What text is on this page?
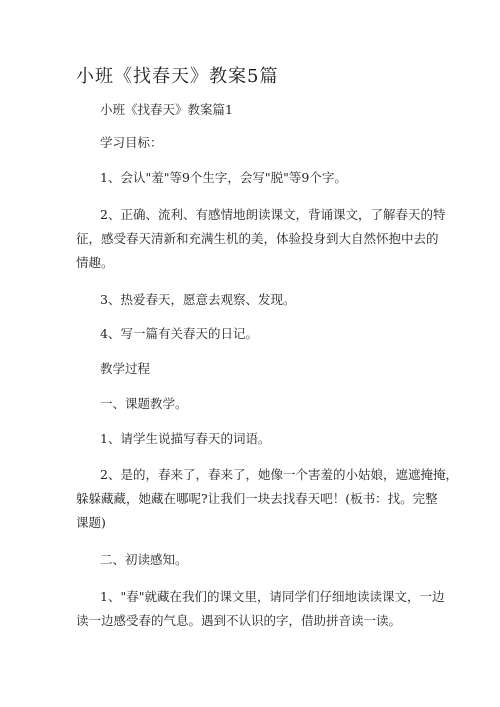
小班《找春天》教案5篇
小班《找春天》教案篇1
学习目标：
1、会认"羞"等9个生字，会写"脱"等9个字。
2、正确、流利、有感情地朗读课文，背诵课文，了解春天的特
征，感受春天清新和充满生机的美，体验投身到大自然怀抱中去的
情趣。
3、热爱春天，愿意去观察、发现。
4、写一篇有关春天的日记。
教学过程
一、课题教学。
1、请学生说描写春天的词语。
2、是的，春来了，春来了，她像一个害羞的小姑娘，遮遮掩掩，
躲躲藏藏，她藏在哪呢?让我们一块去找春天吧！(板书：找。完整
课题)
二、初读感知。
1、"春"就藏在我们的课文里，请同学们仔细地读读课文，一边
读一边感受春的气息。遇到不认识的字，借助拼音读一读。
